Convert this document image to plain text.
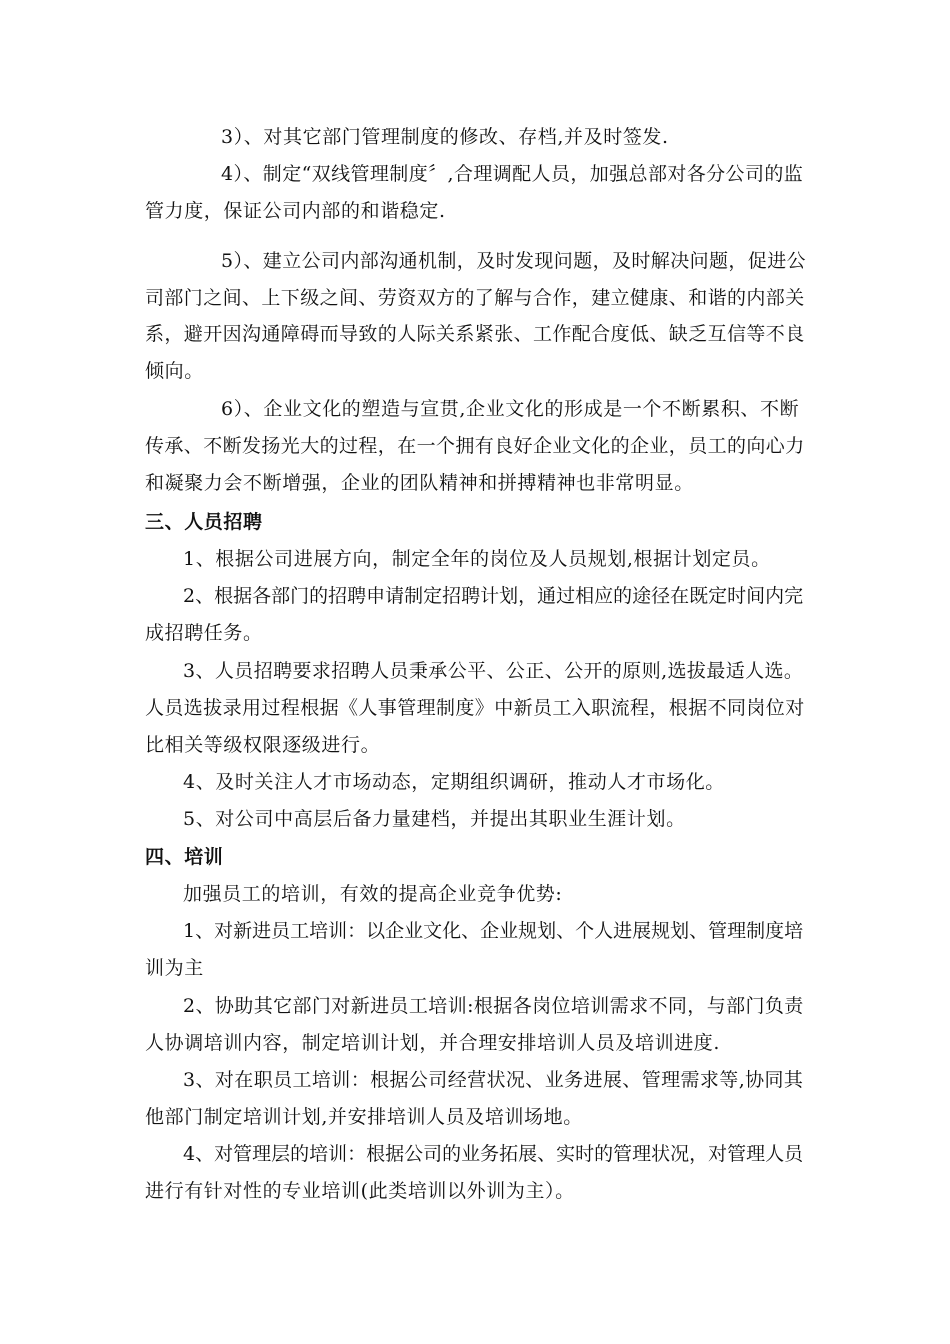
3）、对其它部门管理制度的修改、存档,并及时签发.
4）、制定“双线管理制度〞,合理调配人员，加强总部对各分公司的监
管力度，保证公司内部的和谐稳定.
5）、建立公司内部沟通机制，及时发现问题，及时解决问题，促进公
司部门之间、上下级之间、劳资双方的了解与合作，建立健康、和谐的内部关
系，避开因沟通障碍而导致的人际关系紧张、工作配合度低、缺乏互信等不良
倾向。
6）、企业文化的塑造与宣贯,企业文化的形成是一个不断累积、不断
传承、不断发扬光大的过程，在一个拥有良好企业文化的企业，员工的向心力
和凝聚力会不断增强，企业的团队精神和拼搏精神也非常明显。
三、人员招聘
1、根据公司进展方向，制定全年的岗位及人员规划,根据计划定员。
2、根据各部门的招聘申请制定招聘计划，通过相应的途径在既定时间内完
成招聘任务。
3、人员招聘要求招聘人员秉承公平、公正、公开的原则,选拔最适人选。
人员选拔录用过程根据《人事管理制度》中新员工入职流程，根据不同岗位对
比相关等级权限逐级进行。
4、及时关注人才市场动态，定期组织调研，推动人才市场化。
5、对公司中高层后备力量建档，并提出其职业生涯计划。
四、培训
加强员工的培训，有效的提高企业竞争优势:
1、对新进员工培训：以企业文化、企业规划、个人进展规划、管理制度培
训为主
2、协助其它部门对新进员工培训:根据各岗位培训需求不同，与部门负责
人协调培训内容，制定培训计划，并合理安排培训人员及培训进度.
3、对在职员工培训：根据公司经营状况、业务进展、管理需求等,协同其
他部门制定培训计划,并安排培训人员及培训场地。
4、对管理层的培训：根据公司的业务拓展、实时的管理状况，对管理人员
进行有针对性的专业培训(此类培训以外训为主）。
